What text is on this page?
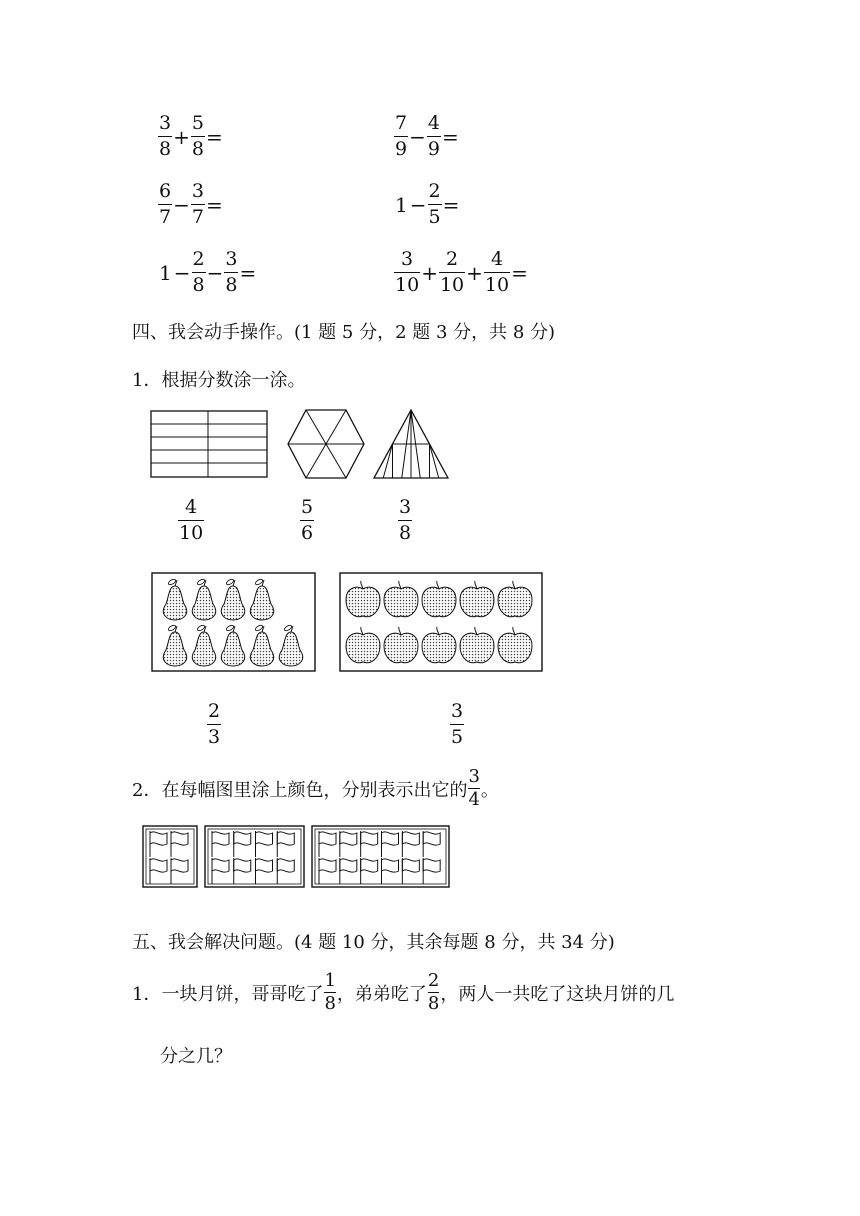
$\frac{3}{8} + \frac{5}{8}$ =	$\frac{7}{9} - \frac{4}{9}$ =
$\frac{6}{7} - \frac{3}{7}$ =	$1 - \frac{2}{5}$ =
$1 - \frac{2}{8} - \frac{3}{8}$ =	$\frac{3}{10} + \frac{2}{10} + \frac{4}{10}$ =
四、我会动手操作。(1 题 5 分，2 题 3 分，共 8 分)
1．根据分数涂一涂。
2．在每幅图里涂上颜色，分别表示出它的 $\frac{3}{4}$ 。
五、我会解决问题。(4 题 10 分，其余每题 8 分，共 34 分)
1．一块月饼，哥哥吃了 $\frac{1}{8}$ ，弟弟吃了 $\frac{2}{8}$ ，两人一共吃了这块月饼的几
分之几？
$\frac{4}{10}$	$\frac{5}{6}$	$\frac{3}{8}$
$\frac{2}{3}$	$\frac{3}{5}$
